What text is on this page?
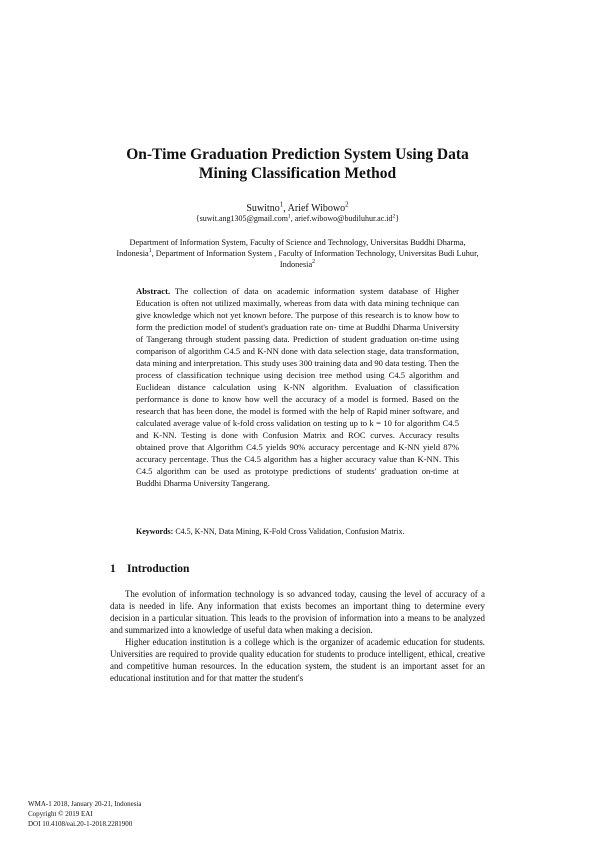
On-Time Graduation Prediction System Using Data
Mining Classification Method
Suwitno$^1$, Arief Wibowo$^2$
{suwit.ang1305@gmail.com$^1$, $arief.wibowo@budiluhur.ac.id^2$}
Department of Information System, Faculty of Science and Technology, Universitas Buddhi Dharma, Indonesia$^1$, Department of Information System , Faculty of Information Technology, Universitas Budi Luhur, Indonesia$^2$
Abstract. The collection of data on academic information system database of Higher Education is often not utilized maximally, whereas from data with data mining technique can give knowledge which not yet known before. The purpose of this research is to know how to form the prediction model of student's graduation rate on- time at Buddhi Dharma University of Tangerang through student passing data. Prediction of student graduation on-time using comparison of algorithm C4.5 and K-NN done with data selection stage, data transformation, data mining and interpretation. This study uses 300 training data and 90 data testing. Then the process of classification technique using decision tree method using C4.5 algorithm and Euclidean distance calculation using K-NN algorithm. Evaluation of classification performance is done to know how well the accuracy of a model is formed. Based on the research that has been done, the model is formed with the help of Rapid miner software, and calculated average value of k-fold cross validation on testing up to k = 10 for algorithm C4.5 and K-NN. Testing is done with Confusion Matrix and ROC curves. Accuracy results obtained prove that Algorithm C4.5 yields 90% accuracy percentage and K-NN yield 87% accuracy percentage. Thus the C4.5 algorithm has a higher accuracy value than K-NN. This C4.5 algorithm can be used as prototype predictions of students' graduation on-time at Buddhi Dharma University Tangerang.
Keywords: C4.5, K-NN, Data Mining, K-Fold Cross Validation, Confusion Matrix.
1 Introduction

The evolution of information technology is so advanced today, causing the level of accuracy of a data is needed in life. Any information that exists becomes an important thing to determine every decision in a particular situation. This leads to the provision of information into a means to be analyzed and summarized into a knowledge of useful data when making a decision.

Higher education institution is a college which is the organizer of academic education for students. Universities are required to provide quality education for students to produce intelligent, ethical, creative and competitive human resources. In the education system, the student is an important asset for an educational institution and for that matter the student's

WMA-1 2018, January 20-21, Indonesia
Copyright © 2019 EAI
DOI 10.4108/eai.20-1-2018.2281900
